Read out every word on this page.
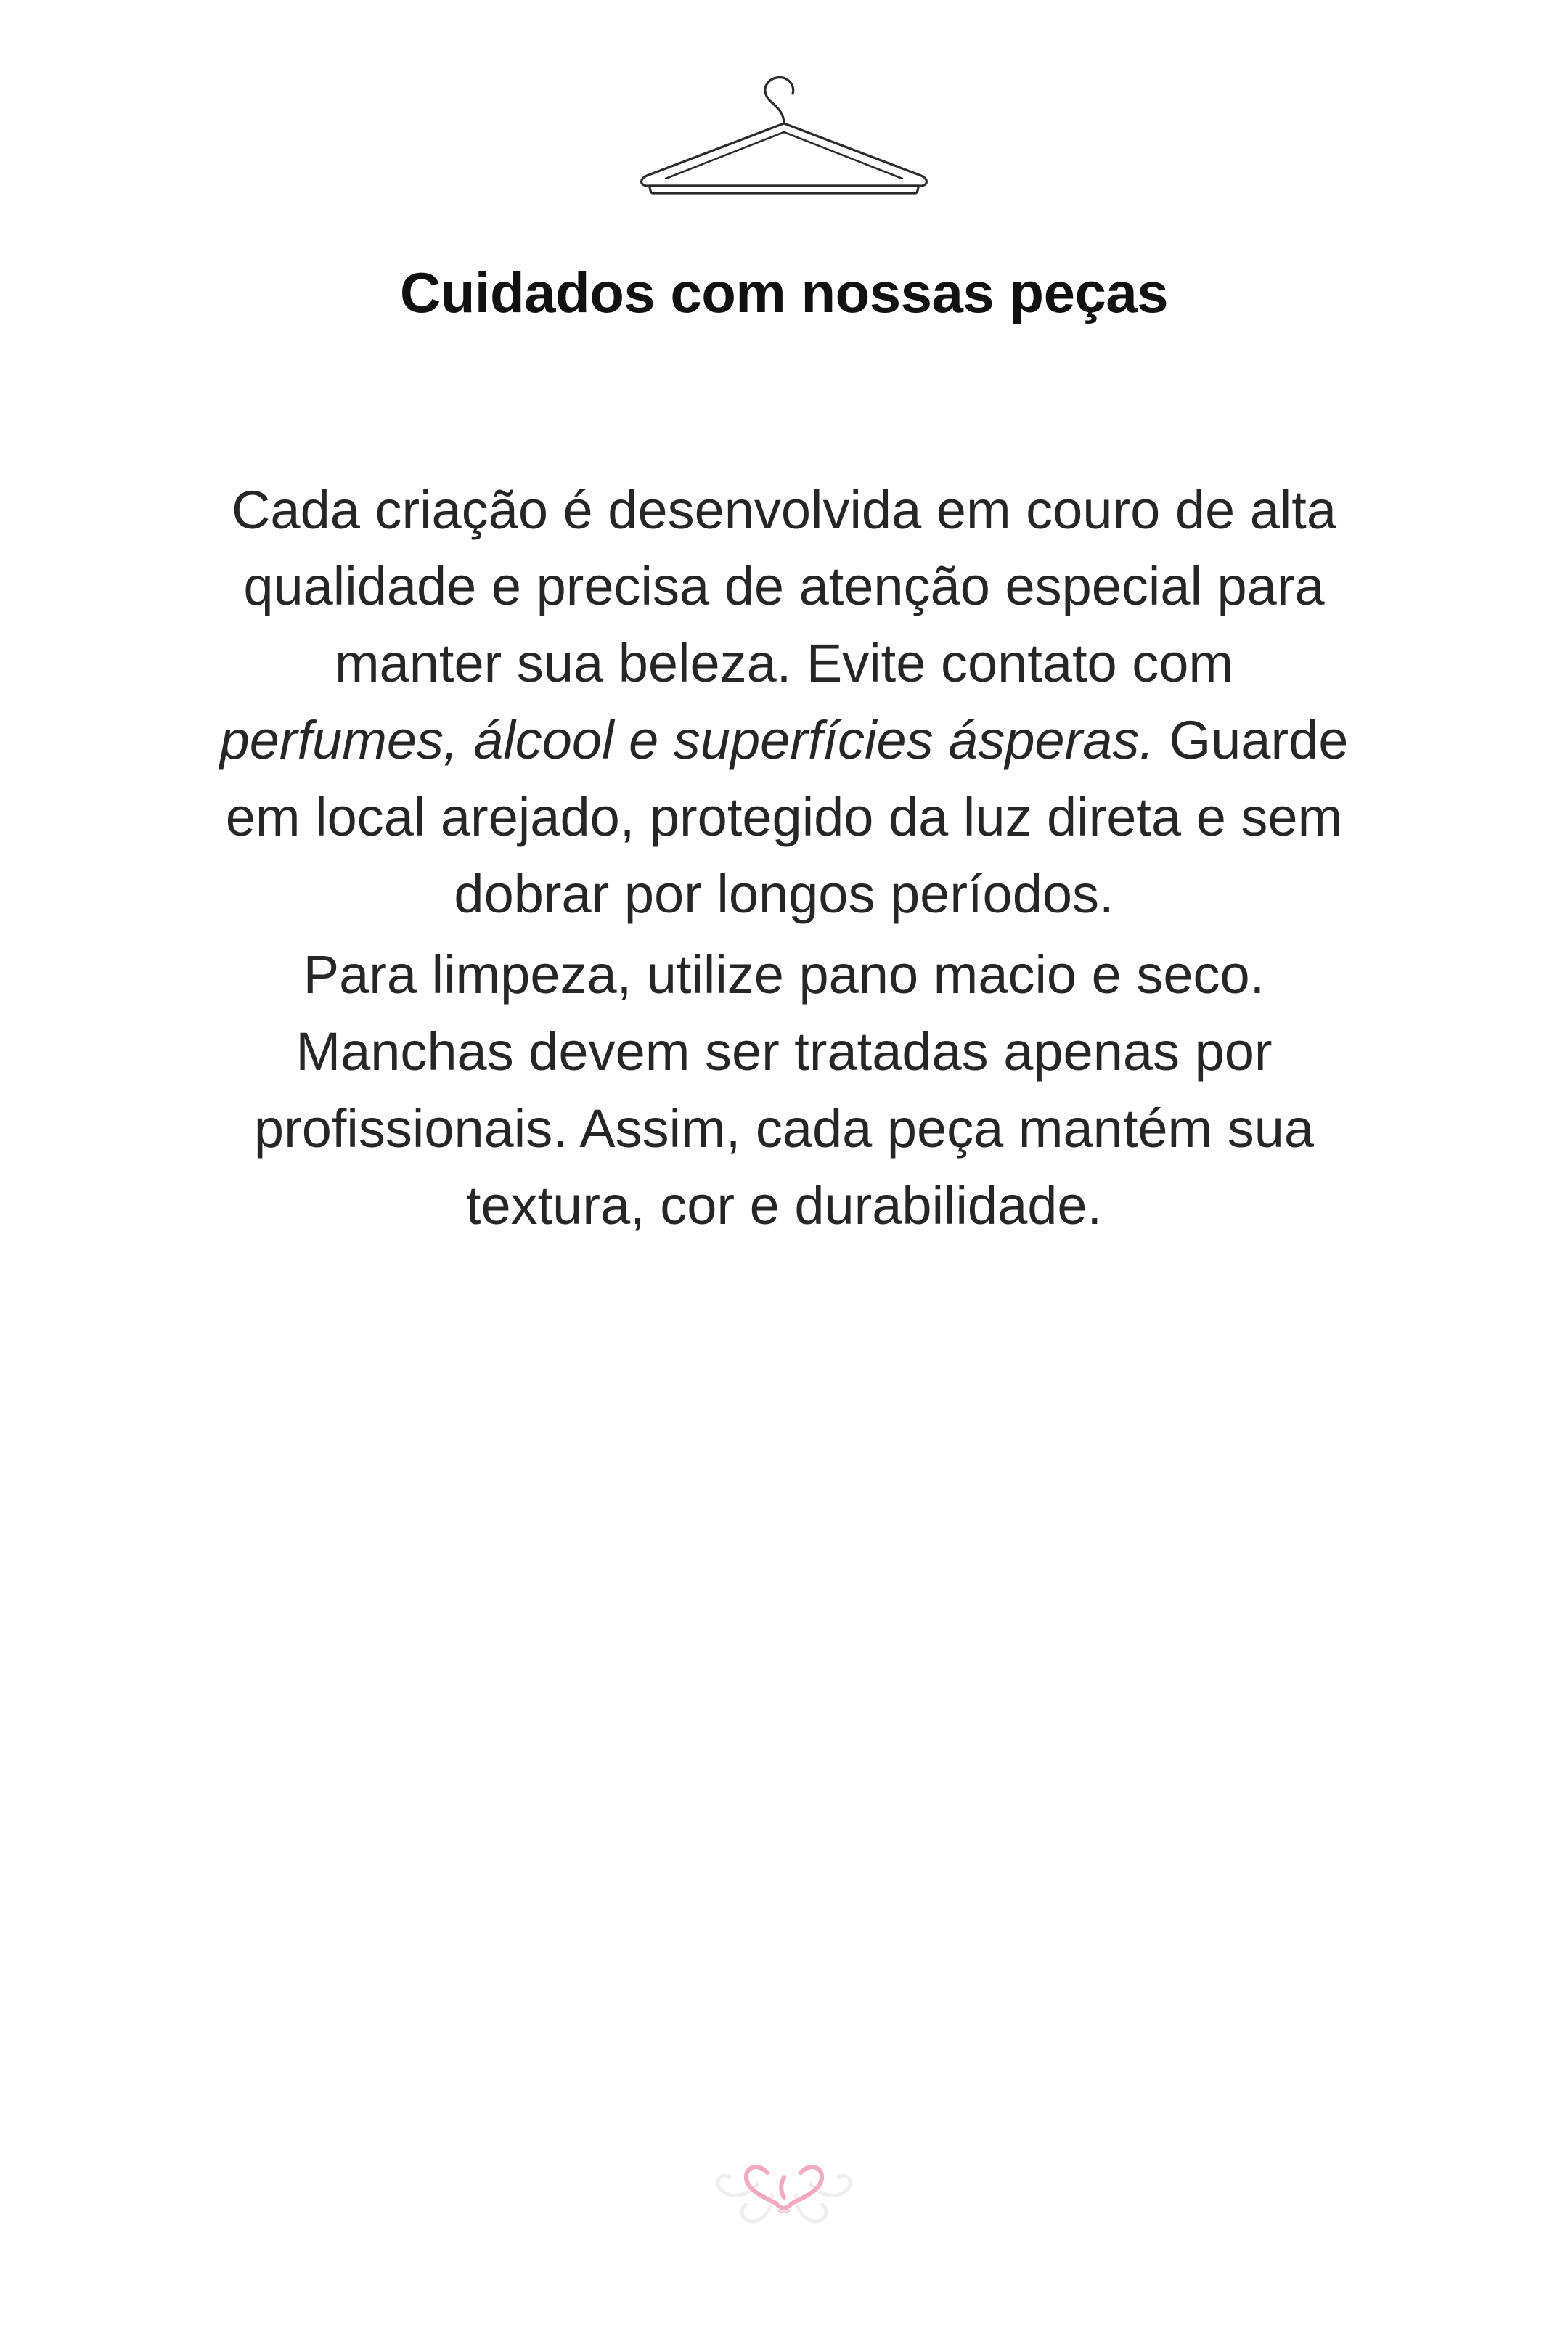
Cuidados com nossas peças

Cada criação é desenvolvida em couro de alta qualidade e precisa de atenção especial para manter sua beleza. Evite contato com perfumes, álcool e superfícies ásperas. Guarde em local arejado, protegido da luz direta e sem dobrar por longos períodos.

Para limpeza, utilize pano macio e seco. Manchas devem ser tratadas apenas por profissionais. Assim, cada peça mantém sua textura, cor e durabilidade.
